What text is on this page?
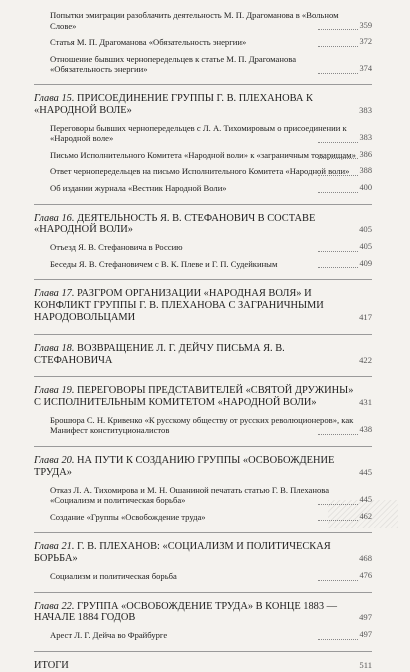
Попытки эмиграции разоблачить деятельность М. П. Драгоманова в «Вольном Слове»	359
Статья М. П. Драгоманова «Обязательность энергии»	372
Отношение бывших чернопередельцев к статье М. П. Драгоманова «Обязательность энергии»	374
Глава 15. ПРИСОЕДИНЕНИЕ ГРУППЫ Г. В. ПЛЕХАНОВА К «НАРОДНОЙ ВОЛЕ»	383
Переговоры бывших чернопередельцев с Л. А. Тихомировым о присоединении к «Народной воле»	383
Письмо Исполнительного Комитета «Народной воли» к «заграничным товарищам» 386
Ответ чернопередельцев на письмо Исполнительного Комитета «Народной воли»	388
Об издании журнала «Вестник Народной Воли»	400
Глава 16. ДЕЯТЕЛЬНОСТЬ Я. В. СТЕФАНОВИЧ В СОСТАВЕ «НАРОДНОЙ ВОЛИ»	405
Отъезд Я. В. Стефановича в Россию	405
Беседы Я. В. Стефановичем с В. К. Плеве и Г. П. Судейкиным	409
Глава 17. РАЗГРОМ ОРГАНИЗАЦИИ «НАРОДНАЯ ВОЛЯ» И КОНФЛИКТ ГРУППЫ Г. В. ПЛЕХАНОВА С ЗАГРАНИЧНЫМИ НАРОДОВОЛЬЦАМИ	417
Глава 18. ВОЗВРАЩЕНИЕ Л. Г. ДЕЙЧУ ПИСЬМА Я. В. СТЕФАНОВИЧА	422
Глава 19. ПЕРЕГОВОРЫ ПРЕДСТАВИТЕЛЕЙ «СВЯТОЙ ДРУЖИНЫ» С ИСПОЛНИТЕЛЬНЫМ КОМИТЕТОМ «НАРОДНОЙ ВОЛИ»	431
Брошюра С. Н. Кривенко «К русскому обществу от русских революционеров», как Манифест конституционалистов	438
Глава 20. НА ПУТИ К СОЗДАНИЮ ГРУППЫ «ОСВОБОЖДЕНИЕ ТРУДА»	445
Отказ Л. А. Тихомирова и М. Н. Ошаниной печатать статью Г. В. Плеханова «Социализм и политическая борьба»	445
Создание «Группы «Освобождение труда»	462
Глава 21. Г. В. ПЛЕХАНОВ: «СОЦИАЛИЗМ И ПОЛИТИЧЕСКАЯ БОРЬБА»	468
Социализм и политическая борьба	476
Глава 22. ГРУППА «ОСВОБОЖДЕНИЕ ТРУДА» В КОНЦЕ 1883 — НАЧАЛЕ 1884 ГОДОВ	497
Арест Л. Г. Дейча во Фрайбурге	497
ИТОГИ	511
